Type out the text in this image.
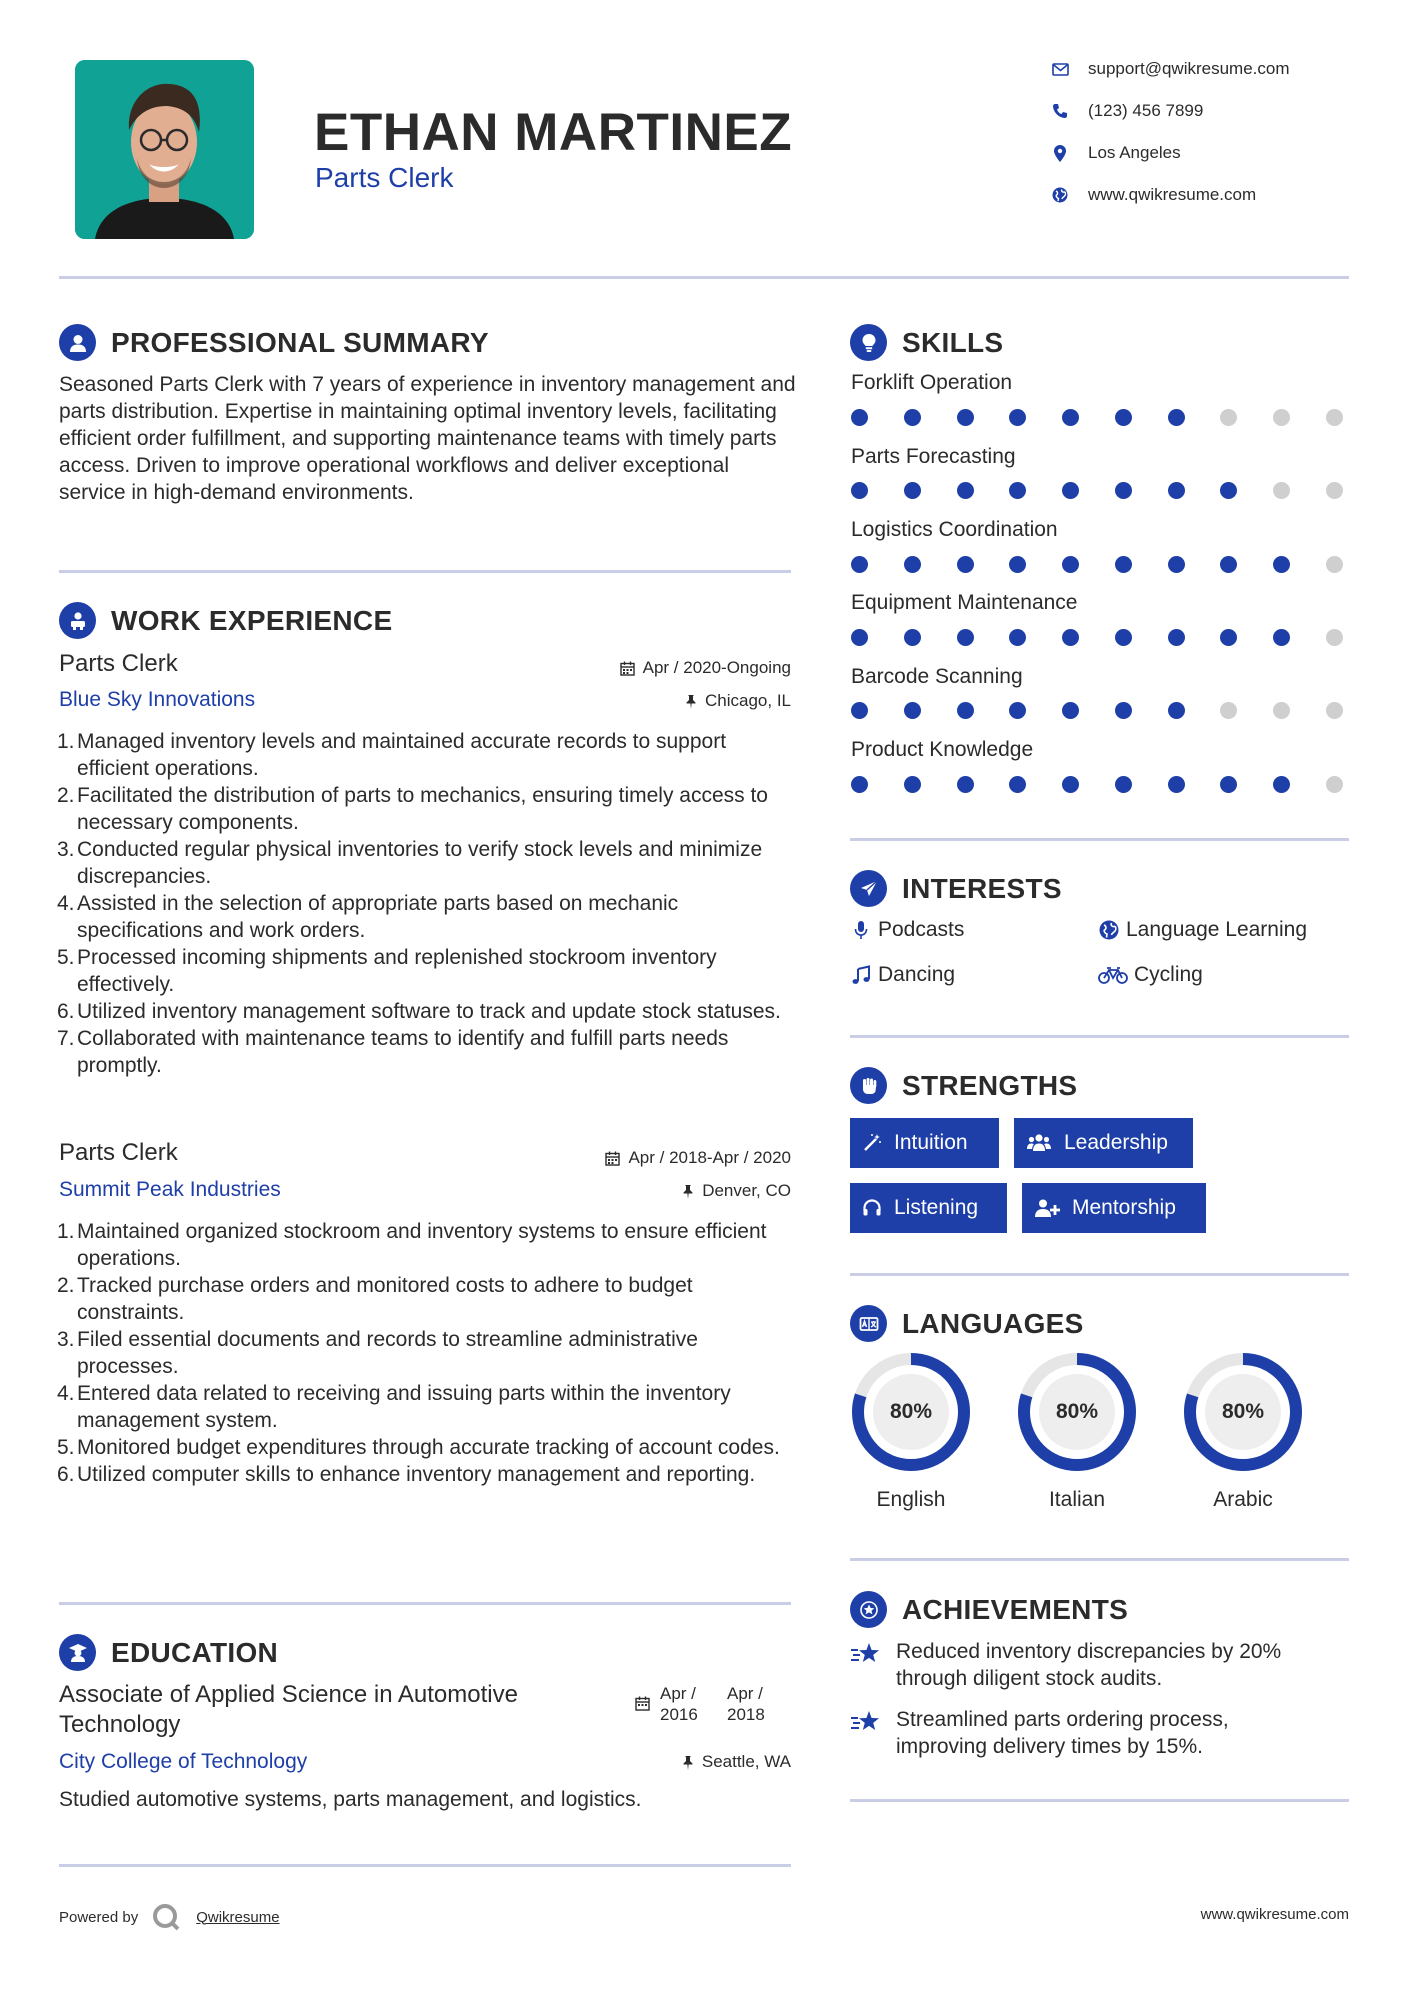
ETHAN MARTINEZ
Parts Clerk
support@qwikresume.com
(123) 456 7899
Los Angeles
www.qwikresume.com
PROFESSIONAL SUMMARY
Seasoned Parts Clerk with 7 years of experience in inventory management and parts distribution. Expertise in maintaining optimal inventory levels, facilitating efficient order fulfillment, and supporting maintenance teams with timely parts access. Driven to improve operational workflows and deliver exceptional service in high-demand environments.
WORK EXPERIENCE
Parts Clerk	Apr / 2020-Ongoing
Blue Sky Innovations	Chicago, IL
1. Managed inventory levels and maintained accurate records to support efficient operations.
2. Facilitated the distribution of parts to mechanics, ensuring timely access to necessary components.
3. Conducted regular physical inventories to verify stock levels and minimize discrepancies.
4. Assisted in the selection of appropriate parts based on mechanic specifications and work orders.
5. Processed incoming shipments and replenished stockroom inventory effectively.
6. Utilized inventory management software to track and update stock statuses.
7. Collaborated with maintenance teams to identify and fulfill parts needs promptly.
Parts Clerk	Apr / 2018-Apr / 2020
Summit Peak Industries	Denver, CO
1. Maintained organized stockroom and inventory systems to ensure efficient operations.
2. Tracked purchase orders and monitored costs to adhere to budget constraints.
3. Filed essential documents and records to streamline administrative processes.
4. Entered data related to receiving and issuing parts within the inventory management system.
5. Monitored budget expenditures through accurate tracking of account codes.
6. Utilized computer skills to enhance inventory management and reporting.
EDUCATION
Associate of Applied Science in Automotive
Technology
Apr /
2016
Apr /
2018
City College of Technology	Seattle, WA
Studied automotive systems, parts management, and logistics.
SKILLS
Forklift Operation
Parts Forecasting
Logistics Coordination
Equipment Maintenance
Barcode Scanning
Product Knowledge
INTERESTS
Podcasts	Language Learning
Dancing	Cycling
STRENGTHS
Intuition	Leadership
Listening	Mentorship
LANGUAGES
80%	80%	80%
English	Italian	Arabic
ACHIEVEMENTS
Reduced inventory discrepancies by 20%
through diligent stock audits.
Streamlined parts ordering process,
improving delivery times by 15%.
Powered by	Qwikresume	www.qwikresume.com
